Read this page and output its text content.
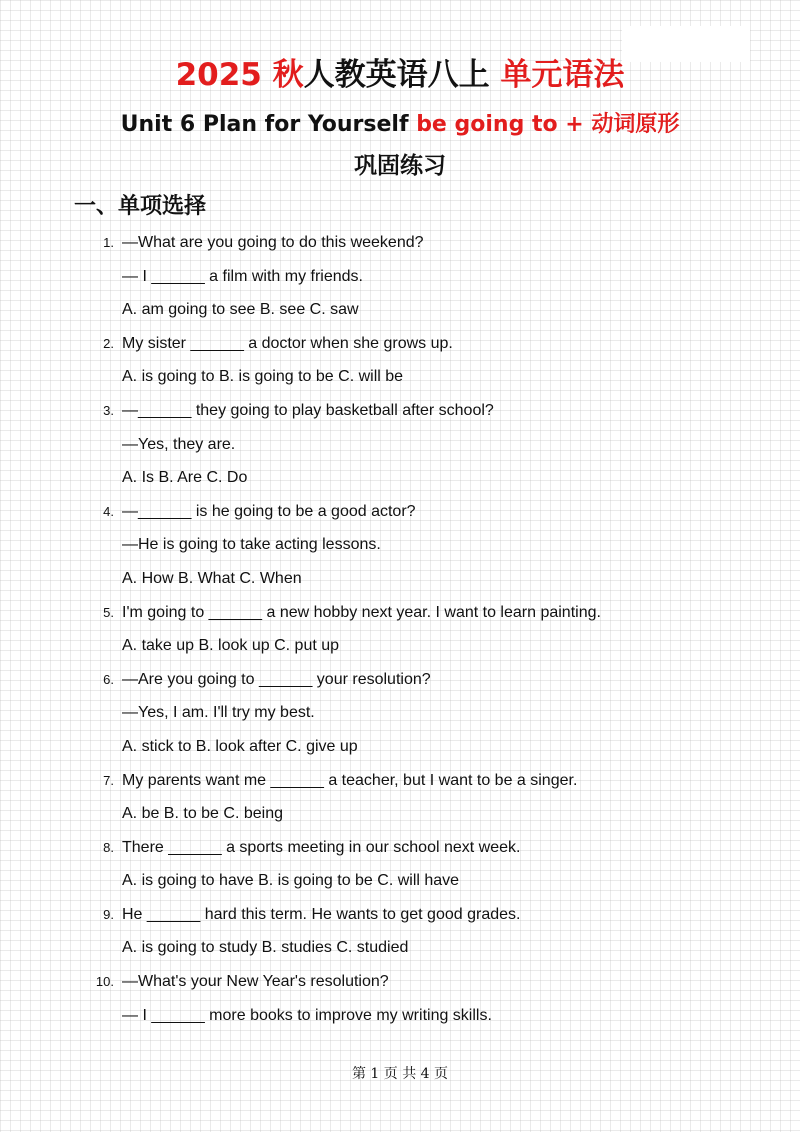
2025 秋人教英语八上 单元语法
Unit 6 Plan for Yourself be going to + 动词原形
巩固练习
一、单项选择
1. —What are you going to do this weekend?
— I ______ a film with my friends.
A. am going to see B. see C. saw
2. My sister ______ a doctor when she grows up.
A. is going to B. is going to be C. will be
3. —______ they going to play basketball after school?
—Yes, they are.
A. Is B. Are C. Do
4. —______ is he going to be a good actor?
—He is going to take acting lessons.
A. How B. What C. When
5. I'm going to ______ a new hobby next year. I want to learn painting.
A. take up B. look up C. put up
6. —Are you going to ______ your resolution?
—Yes, I am. I'll try my best.
A. stick to B. look after C. give up
7. My parents want me ______ a teacher, but I want to be a singer.
A. be B. to be C. being
8. There ______ a sports meeting in our school next week.
A. is going to have B. is going to be C. will have
9. He ______ hard this term. He wants to get good grades.
A. is going to study B. studies C. studied
10. —What's your New Year's resolution?
— I ______ more books to improve my writing skills.
第 1 页 共 4 页
